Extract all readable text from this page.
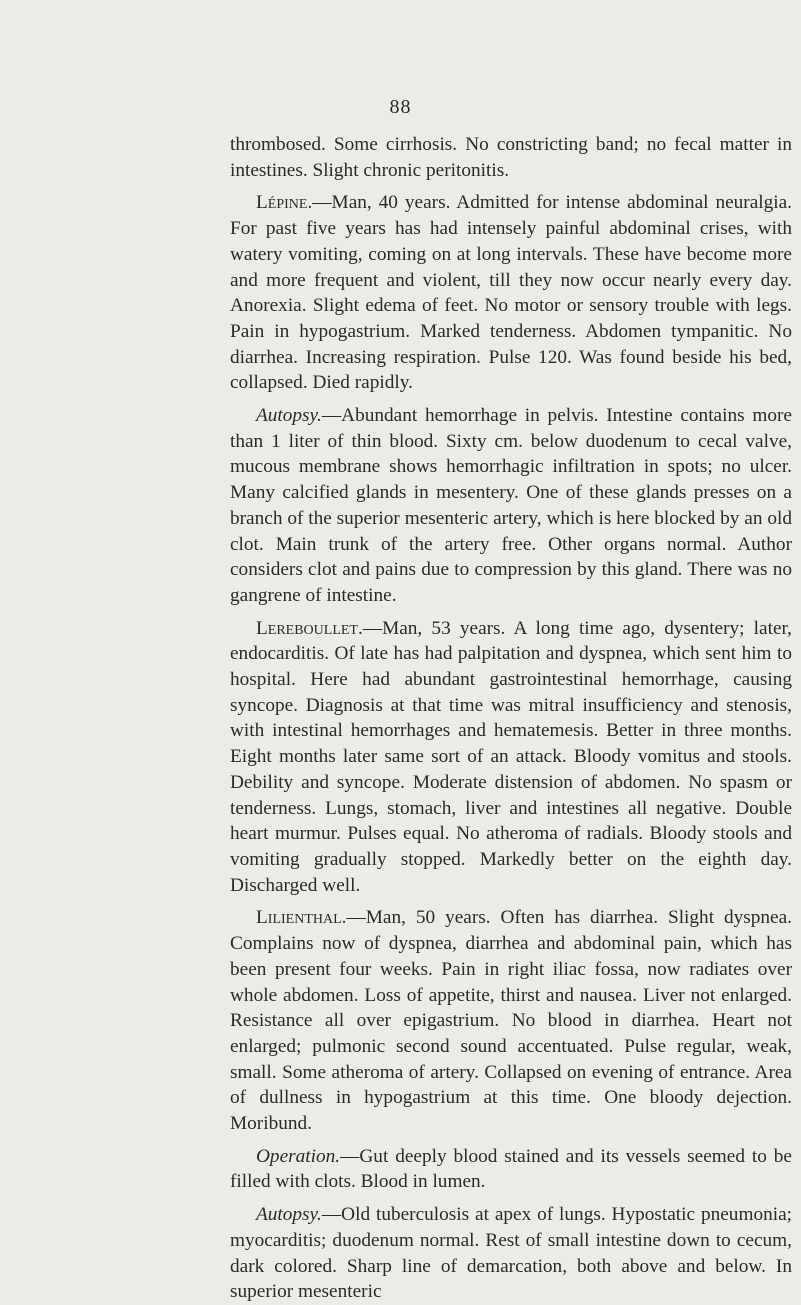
88

thrombosed. Some cirrhosis. No constricting band; no fecal matter in intestines. Slight chronic peritonitis.

Lépine.—Man, 40 years. Admitted for intense abdominal neuralgia. For past five years has had intensely painful abdominal crises, with watery vomiting, coming on at long intervals. These have become more and more frequent and violent, till they now occur nearly every day. Anorexia. Slight edema of feet. No motor or sensory trouble with legs. Pain in hypogastrium. Marked tenderness. Abdomen tympanitic. No diarrhea. Increasing respiration. Pulse 120. Was found beside his bed, collapsed. Died rapidly.

Autopsy.—Abundant hemorrhage in pelvis. Intestine contains more than 1 liter of thin blood. Sixty cm. below duodenum to cecal valve, mucous membrane shows hemorrhagic infiltration in spots; no ulcer. Many calcified glands in mesentery. One of these glands presses on a branch of the superior mesenteric artery, which is here blocked by an old clot. Main trunk of the artery free. Other organs normal. Author considers clot and pains due to compression by this gland. There was no gangrene of intestine.

Lereboullet.—Man, 53 years. A long time ago, dysentery; later, endocarditis. Of late has had palpitation and dyspnea, which sent him to hospital. Here had abundant gastrointestinal hemorrhage, causing syncope. Diagnosis at that time was mitral insufficiency and stenosis, with intestinal hemorrhages and hematemesis. Better in three months. Eight months later same sort of an attack. Bloody vomitus and stools. Debility and syncope. Moderate distension of abdomen. No spasm or tenderness. Lungs, stomach, liver and intestines all negative. Double heart murmur. Pulses equal. No atheroma of radials. Bloody stools and vomiting gradually stopped. Markedly better on the eighth day. Discharged well.

Lilienthal.—Man, 50 years. Often has diarrhea. Slight dyspnea. Complains now of dyspnea, diarrhea and abdominal pain, which has been present four weeks. Pain in right iliac fossa, now radiates over whole abdomen. Loss of appetite, thirst and nausea. Liver not enlarged. Resistance all over epigastrium. No blood in diarrhea. Heart not enlarged; pulmonic second sound accentuated. Pulse regular, weak, small. Some atheroma of artery. Collapsed on evening of entrance. Area of dullness in hypogastrium at this time. One bloody dejection. Moribund.

Operation.—Gut deeply blood stained and its vessels seemed to be filled with clots. Blood in lumen.

Autopsy.—Old tuberculosis at apex of lungs. Hypostatic pneumonia; myocarditis; duodenum normal. Rest of small intestine down to cecum, dark colored. Sharp line of demarcation, both above and below. In superior mesenteric
